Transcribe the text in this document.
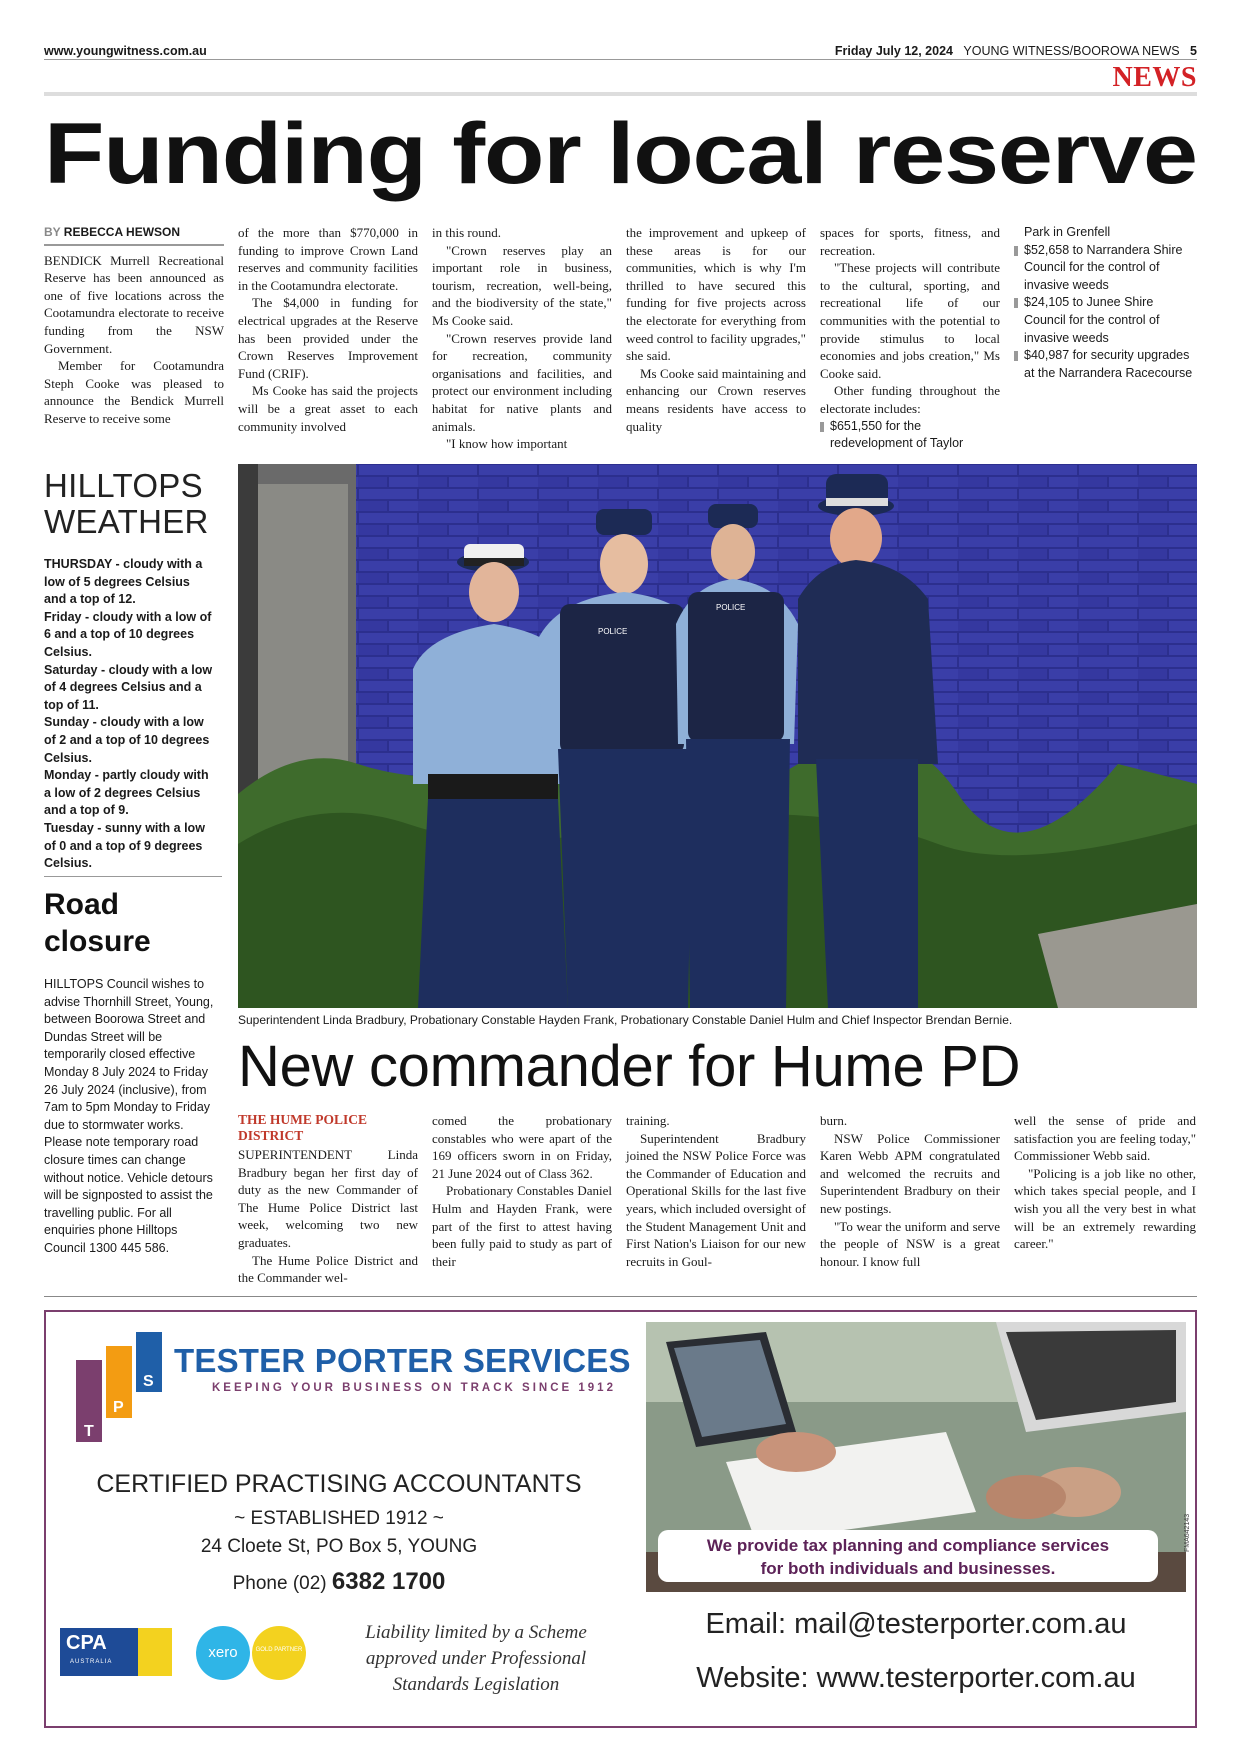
www.youngwitness.com.au	Friday July 12, 2024 YOUNG WITNESS/BOOROWA NEWS 5
NEWS
Funding for local reserve
BY REBECCA HEWSON

BENDICK Murrell Recreational Reserve has been announced as one of five locations across the Cootamundra electorate to receive funding from the NSW Government.

Member for Cootamundra Steph Cooke was pleased to announce the Bendick Murrell Reserve to receive some

of the more than $770,000 in funding to improve Crown Land reserves and community facilities in the Cootamundra electorate.

The $4,000 in funding for electrical upgrades at the Reserve has been provided under the Crown Reserves Improvement Fund (CRIF).

Ms Cooke has said the projects will be a great asset to each community involved

in this round.

"Crown reserves play an important role in business, tourism, recreation, well-being, and the biodiversity of the state," Ms Cooke said.

"Crown reserves provide land for recreation, community organisations and facilities, and protect our environment including habitat for native plants and animals.

"I know how important

the improvement and upkeep of these areas is for our communities, which is why I'm thrilled to have secured this funding for five projects across the electorate for everything from weed control to facility upgrades," she said.

Ms Cooke said maintaining and enhancing our Crown reserves means residents have access to quality

spaces for sports, fitness, and recreation.

"These projects will contribute to the cultural, sporting, and recreational life of our communities with the potential to provide stimulus to local economies and jobs creation," Ms Cooke said.

Other funding throughout the electorate includes:

$651,550 for the redevelopment of Taylor
Park in Grenfell
$52,658 to Narrandera Shire Council for the control of invasive weeds
$24,105 to Junee Shire Council for the control of invasive weeds
$40,987 for security upgrades at the Narrandera Racecourse
HILLTOPS
WEATHER
THURSDAY - cloudy with a low of 5 degrees Celsius and a top of 12.
Friday - cloudy with a low of 6 and a top of 10 degrees Celsius.
Saturday - cloudy with a low of 4 degrees Celsius and a top of 11.
Sunday - cloudy with a low of 2 and a top of 10 degrees Celsius.
Monday - partly cloudy with a low of 2 degrees Celsius and a top of 9.
Tuesday - sunny with a low of 0 and a top of 9 degrees Celsius.
Road
closure
HILLTOPS Council wishes to advise Thornhill Street, Young, between Boorowa Street and Dundas Street will be temporarily closed effective Monday 8 July 2024 to Friday 26 July 2024 (inclusive), from 7am to 5pm Monday to Friday due to stormwater works. Please note temporary road closure times can change without notice. Vehicle detours will be signposted to assist the travelling public. For all enquiries phone Hilltops Council 1300 445 586.
POLICE
POLICE
Superintendent Linda Bradbury, Probationary Constable Hayden Frank, Probationary Constable Daniel Hulm and Chief Inspector Brendan Bernie.
New commander for Hume PD
THE HUME POLICE DISTRICT

SUPERINTENDENT Linda Bradbury began her first day of duty as the new Commander of The Hume Police District last week, welcoming two new graduates.

The Hume Police District and the Commander wel-

comed the probationary constables who were apart of the 169 officers sworn in on Friday, 21 June 2024 out of Class 362.

Probationary Constables Daniel Hulm and Hayden Frank, were part of the first to attest having been fully paid to study as part of their

training.

Superintendent Bradbury joined the NSW Police Force was the Commander of Education and Operational Skills for the last five years, which included oversight of the Student Management Unit and First Nation's Liaison for our new recruits in Goul-

burn.

NSW Police Commissioner Karen Webb APM congratulated and welcomed the recruits and Superintendent Bradbury on their new postings.

"To wear the uniform and serve the people of NSW is a great honour. I know full

well the sense of pride and satisfaction you are feeling today," Commissioner Webb said.

"Policing is a job like no other, which takes special people, and I wish you all the very best in what will be an extremely rewarding career."

T
P
S
TESTER PORTER SERVICES
KEEPING YOUR BUSINESS ON TRACK SINCE 1912
CERTIFIED PRACTISING ACCOUNTANTS
~ ESTABLISHED 1912 ~
24 Cloete St, PO Box 5, YOUNG
Phone (02) 6382 1700
CPA
AUSTRALIA
xero	GOLD PARTNER
Liability limited by a Scheme approved under Professional Standards Legislation
We provide tax planning and compliance services
for both individuals and businesses.
FMA642143
Email: mail@testerporter.com.au
Website: www.testerporter.com.au
